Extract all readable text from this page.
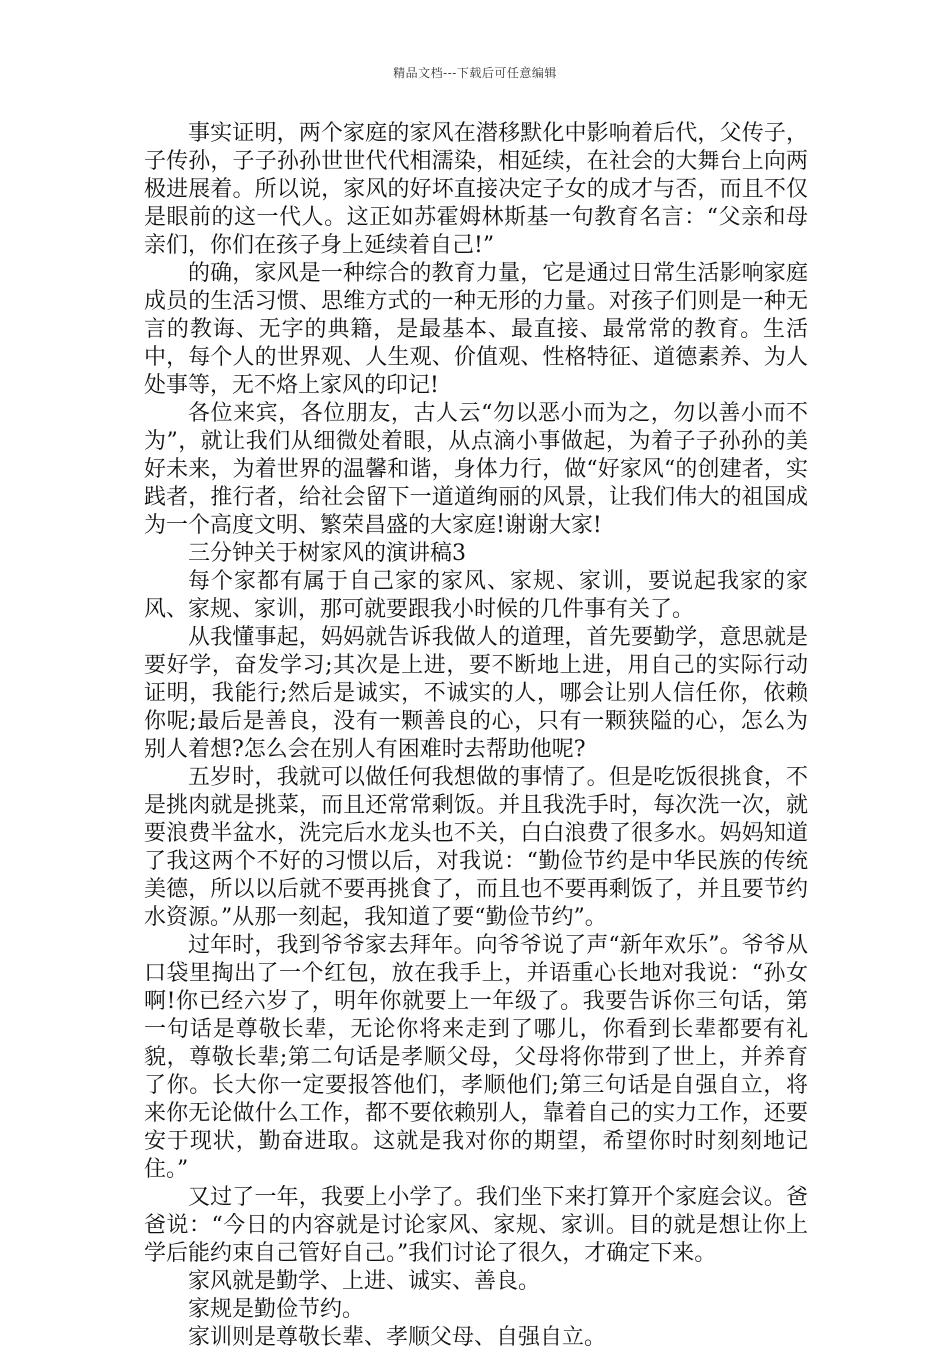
精品文档---下载后可任意编辑

事实证明，两个家庭的家风在潜移默化中影响着后代，父传子，子传孙，子子孙孙世世代代相濡染，相延续，在社会的大舞台上向两极进展着。所以说，家风的好坏直接决定子女的成才与否，而且不仅是眼前的这一代人。这正如苏霍姆林斯基一句教育名言：“父亲和母亲们，你们在孩子身上延续着自己!”

的确，家风是一种综合的教育力量，它是通过日常生活影响家庭成员的生活习惯、思维方式的一种无形的力量。对孩子们则是一种无言的教诲、无字的典籍，是最基本、最直接、最常常的教育。生活中，每个人的世界观、人生观、价值观、性格特征、道德素养、为人处事等，无不烙上家风的印记!

各位来宾，各位朋友，古人云“勿以恶小而为之，勿以善小而不为”，就让我们从细微处着眼，从点滴小事做起，为着子子孙孙的美好未来，为着世界的温馨和谐，身体力行，做“好家风“的创建者，实践者，推行者，给社会留下一道道绚丽的风景，让我们伟大的祖国成为一个高度文明、繁荣昌盛的大家庭!谢谢大家!

三分钟关于树家风的演讲稿3

每个家都有属于自己家的家风、家规、家训，要说起我家的家风、家规、家训，那可就要跟我小时候的几件事有关了。

从我懂事起，妈妈就告诉我做人的道理，首先要勤学，意思就是要好学，奋发学习;其次是上进，要不断地上进，用自己的实际行动证明，我能行;然后是诚实，不诚实的人，哪会让别人信任你，依赖你呢;最后是善良，没有一颗善良的心，只有一颗狭隘的心，怎么为别人着想?怎么会在别人有困难时去帮助他呢?

五岁时，我就可以做任何我想做的事情了。但是吃饭很挑食，不是挑肉就是挑菜，而且还常常剩饭。并且我洗手时，每次洗一次，就要浪费半盆水，洗完后水龙头也不关，白白浪费了很多水。妈妈知道了我这两个不好的习惯以后，对我说：“勤俭节约是中华民族的传统美德，所以以后就不要再挑食了，而且也不要再剩饭了，并且要节约水资源。”从那一刻起，我知道了要“勤俭节约”。

过年时，我到爷爷家去拜年。向爷爷说了声“新年欢乐”。爷爷从口袋里掏出了一个红包，放在我手上，并语重心长地对我说：“孙女啊!你已经六岁了，明年你就要上一年级了。我要告诉你三句话，第一句话是尊敬长辈，无论你将来走到了哪儿，你看到长辈都要有礼貌，尊敬长辈;第二句话是孝顺父母，父母将你带到了世上，并养育了你。长大你一定要报答他们，孝顺他们;第三句话是自强自立，将来你无论做什么工作，都不要依赖别人，靠着自己的实力工作，还要安于现状，勤奋进取。这就是我对你的期望，希望你时时刻刻地记住。”

又过了一年，我要上小学了。我们坐下来打算开个家庭会议。爸爸说：“今日的内容就是讨论家风、家规、家训。目的就是想让你上学后能约束自己管好自己。”我们讨论了很久，才确定下来。

家风就是勤学、上进、诚实、善良。

家规是勤俭节约。

家训则是尊敬长辈、孝顺父母、自强自立。
